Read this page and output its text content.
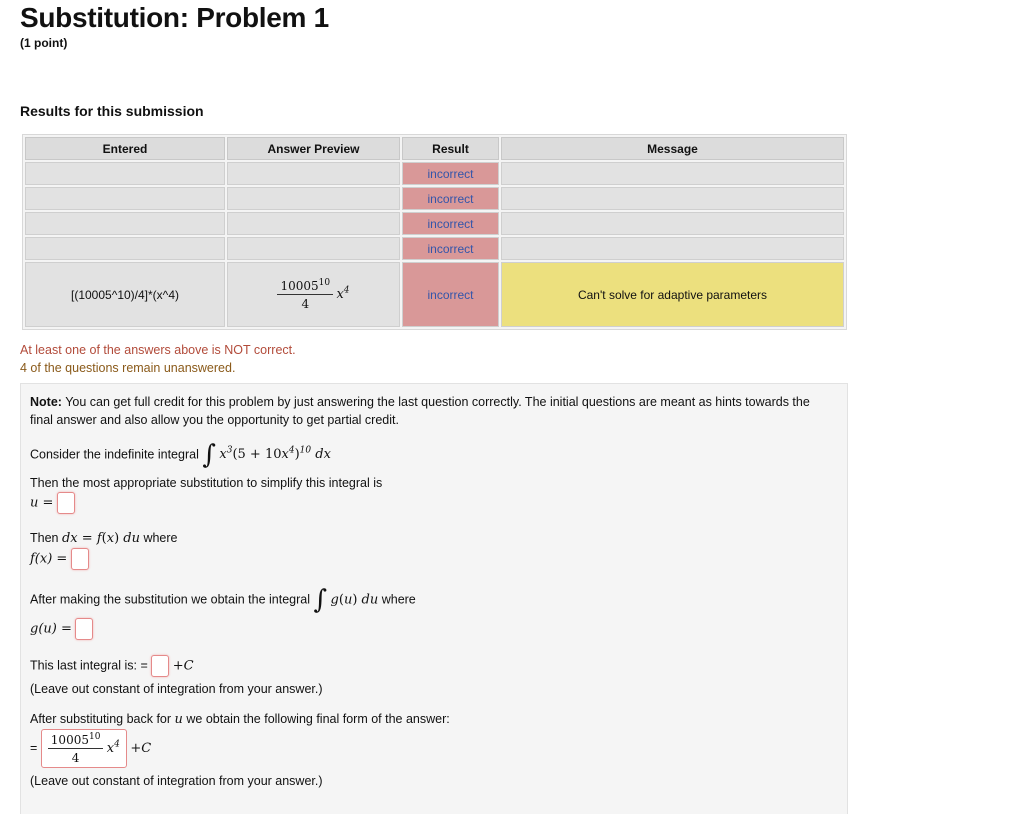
Substitution: Problem 1
(1 point)
Results for this submission
Entered	Answer Preview	Result	Message
		incorrect	
		incorrect	
		incorrect	
		incorrect	
[(10005^10)/4]*(x^4)	$\frac{10005^{10}}{4} x^4$	incorrect	Can't solve for adaptive parameters
At least one of the answers above is NOT correct.
4 of the questions remain unanswered.
Note: You can get full credit for this problem by just answering the last question correctly. The initial questions are meant as hints towards the
final answer and also allow you the opportunity to get partial credit.
Consider the indefinite integral ∫ $x^3(5 + 10x^4)^{10}$ dx
Then the most appropriate substitution to simplify this integral is
u =
Then dx = f(x) du where
f(x) =
After making the substitution we obtain the integral ∫ g(u) du where
g(u) =
This last integral is: = +C
(Leave out constant of integration from your answer.)
After substituting back for u we obtain the following final form of the answer:
= $\frac{10005^{10}}{4} x^4 +C$
(Leave out constant of integration from your answer.)
